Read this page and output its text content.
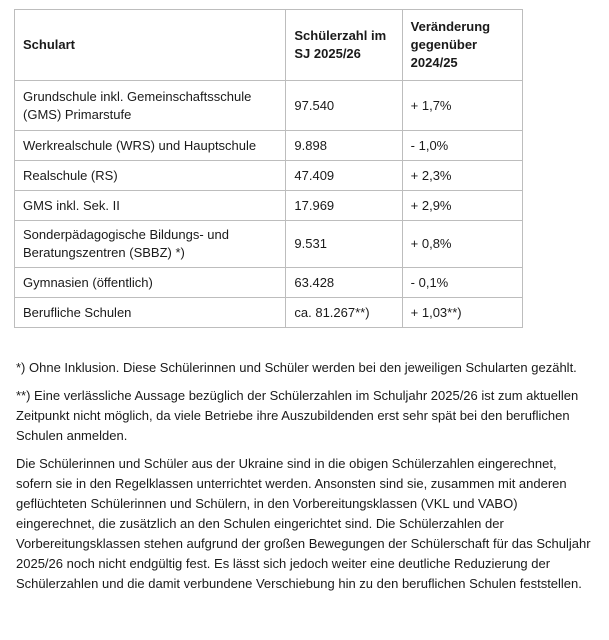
Schulart	Schülerzahl im SJ 2025/26	Veränderung gegenüber 2024/25
Grundschule inkl. Gemeinschaftsschule (GMS) Primarstufe	97.540	+ 1,7%
Werkrealschule (WRS) und Hauptschule	9.898	- 1,0%
Realschule (RS)	47.409	+ 2,3%
GMS inkl. Sek. II	17.969	+ 2,9%
Sonderpädagogische Bildungs- und Beratungszentren (SBBZ) *)	9.531	+ 0,8%
Gymnasien (öffentlich)	63.428	- 0,1%
Berufliche Schulen	ca. 81.267**)	+ 1,03**)

*) Ohne Inklusion. Diese Schülerinnen und Schüler werden bei den jeweiligen Schularten gezählt.

**) Eine verlässliche Aussage bezüglich der Schülerzahlen im Schuljahr 2025/26 ist zum aktuellen Zeitpunkt nicht möglich, da viele Betriebe ihre Auszubildenden erst sehr spät bei den beruflichen Schulen anmelden.

Die Schülerinnen und Schüler aus der Ukraine sind in die obigen Schülerzahlen eingerechnet, sofern sie in den Regelklassen unterrichtet werden. Ansonsten sind sie, zusammen mit anderen geflüchteten Schülerinnen und Schülern, in den Vorbereitungsklassen (VKL und VABO) eingerechnet, die zusätzlich an den Schulen eingerichtet sind. Die Schülerzahlen der Vorbereitungsklassen stehen aufgrund der großen Bewegungen der Schülerschaft für das Schuljahr 2025/26 noch nicht endgültig fest. Es lässt sich jedoch weiter eine deutliche Reduzierung der Schülerzahlen und die damit verbundene Verschiebung hin zu den beruflichen Schulen feststellen.
